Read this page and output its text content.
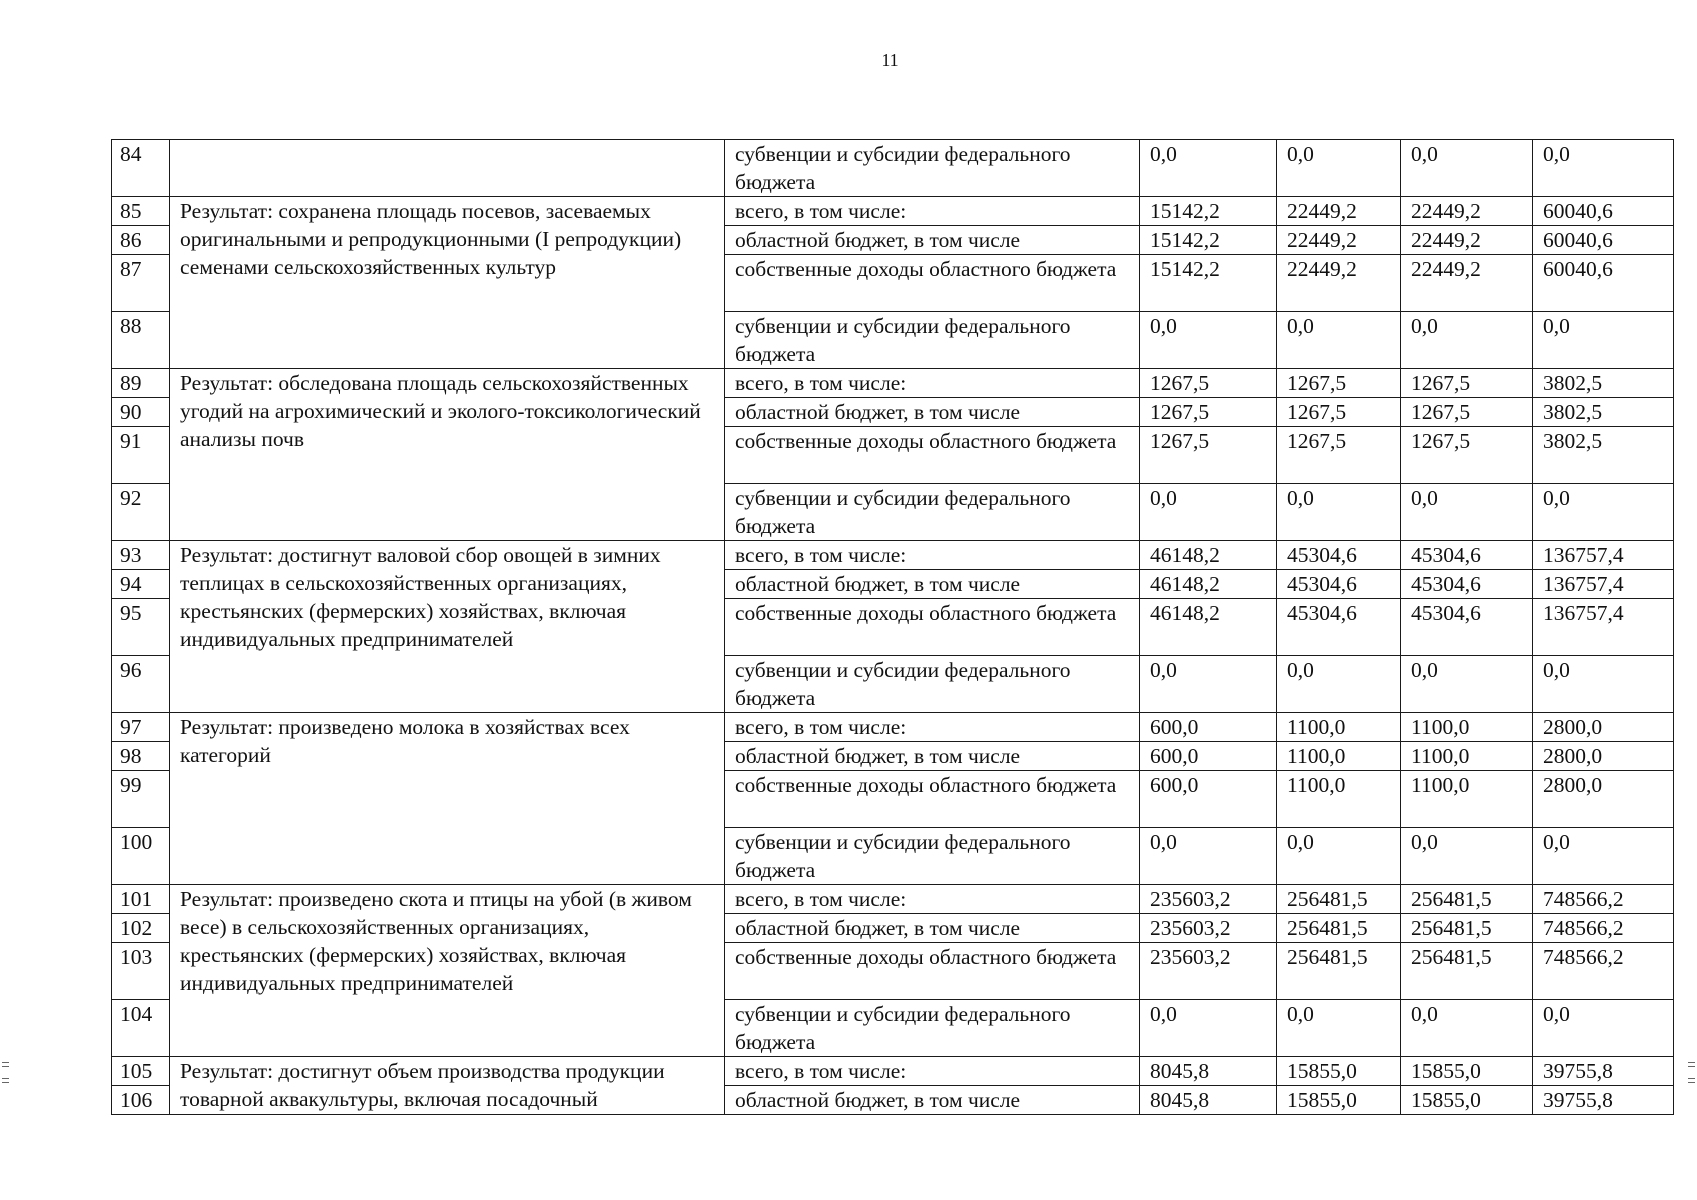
11
84		субвенции и субсидии федерального бюджета	0,0	0,0	0,0	0,0
85	Результат: сохранена площадь посевов, засеваемых оригинальными и репродукционными (I репродукции) семенами сельскохозяйственных культур	всего, в том числе:	15142,2	22449,2	22449,2	60040,6
86		областной бюджет, в том числе	15142,2	22449,2	22449,2	60040,6
87		собственные доходы областного бюджета	15142,2	22449,2	22449,2	60040,6
88		субвенции и субсидии федерального бюджета	0,0	0,0	0,0	0,0
89	Результат: обследована площадь сельскохозяйственных угодий на агрохимический и эколого-токсикологический анализы почв	всего, в том числе:	1267,5	1267,5	1267,5	3802,5
90		областной бюджет, в том числе	1267,5	1267,5	1267,5	3802,5
91		собственные доходы областного бюджета	1267,5	1267,5	1267,5	3802,5
92		субвенции и субсидии федерального бюджета	0,0	0,0	0,0	0,0
93	Результат: достигнут валовой сбор овощей в зимних теплицах в сельскохозяйственных организациях, крестьянских (фермерских) хозяйствах, включая индивидуальных предпринимателей	всего, в том числе:	46148,2	45304,6	45304,6	136757,4
94		областной бюджет, в том числе	46148,2	45304,6	45304,6	136757,4
95		собственные доходы областного бюджета	46148,2	45304,6	45304,6	136757,4
96		субвенции и субсидии федерального бюджета	0,0	0,0	0,0	0,0
97	Результат: произведено молока в хозяйствах всех категорий	всего, в том числе:	600,0	1100,0	1100,0	2800,0
98		областной бюджет, в том числе	600,0	1100,0	1100,0	2800,0
99		собственные доходы областного бюджета	600,0	1100,0	1100,0	2800,0
100		субвенции и субсидии федерального бюджета	0,0	0,0	0,0	0,0
101	Результат: произведено скота и птицы на убой (в живом весе) в сельскохозяйственных организациях, крестьянских (фермерских) хозяйствах, включая индивидуальных предпринимателей	всего, в том числе:	235603,2	256481,5	256481,5	748566,2
102		областной бюджет, в том числе	235603,2	256481,5	256481,5	748566,2
103		собственные доходы областного бюджета	235603,2	256481,5	256481,5	748566,2
104		субвенции и субсидии федерального бюджета	0,0	0,0	0,0	0,0
105	Результат: достигнут объем производства продукции товарной аквакультуры, включая посадочный	всего, в том числе:	8045,8	15855,0	15855,0	39755,8
106		областной бюджет, в том числе	8045,8	15855,0	15855,0	39755,8
